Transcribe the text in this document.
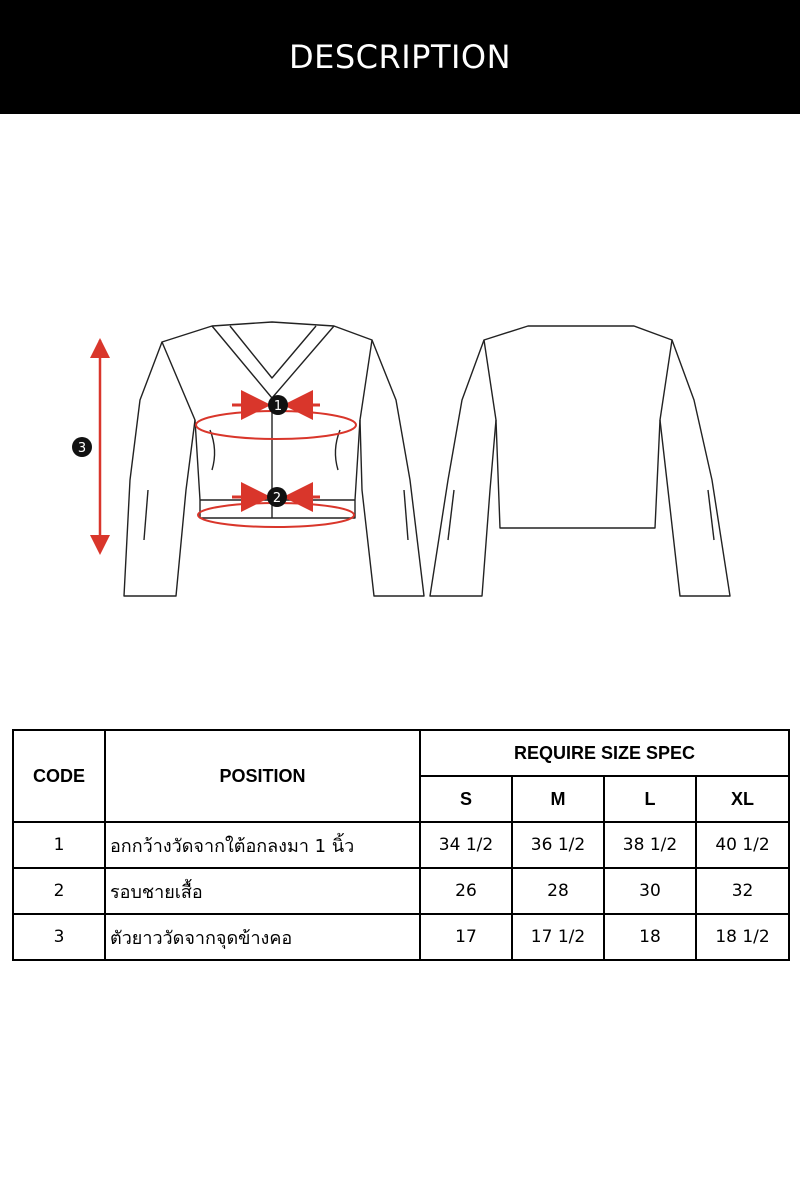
DESCRIPTION
1
2
3
CODE	POSITION	REQUIRE SIZE SPEC			
		S	M	L	XL
1	อกกว้างวัดจากใต้อกลงมา 1 นิ้ว	34 1/2	36 1/2	38 1/2	40 1/2
2	รอบชายเสื้อ	26	28	30	32
3	ตัวยาววัดจากจุดข้างคอ	17	17 1/2	18	18 1/2
